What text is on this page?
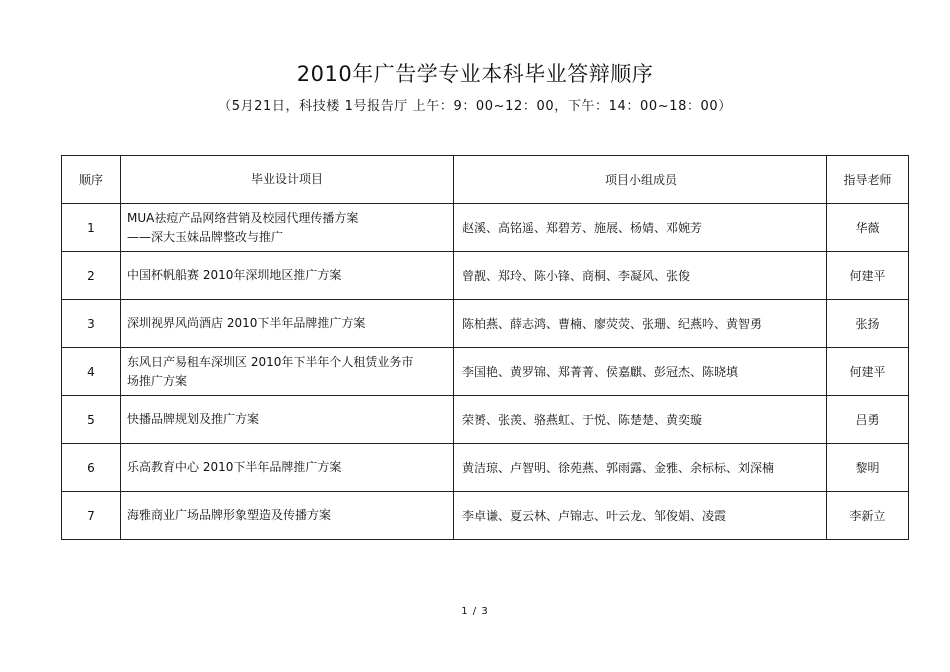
2010年广告学专业本科毕业答辩顺序
（5月21日，科技楼 1号报告厅 上午：9：00~12：00，下午：14：00~18：00）
顺序	毕业设计项目	项目小组成员	指导老师
1	MUA祛痘产品网络营销及校园代理传播方案
——深大玉妹品牌整改与推广	赵溪、高铭遥、郑碧芳、施展、杨婧、邓婉芳	华薇
2	中国杯帆船赛 2010年深圳地区推广方案	曾靓、郑玲、陈小锋、商桐、李凝风、张俊	何建平
3	深圳视界风尚酒店 2010下半年品牌推广方案	陈柏燕、薛志鸿、曹楠、廖荧荧、张珊、纪燕吟、黄智勇	张扬
4	东风日产易租车深圳区 2010年下半年个人租赁业务市
场推广方案	李国艳、黄罗锦、郑菁菁、侯嘉麒、彭冠杰、陈晓填	何建平
5	快播品牌规划及推广方案	荣赟、张羡、骆燕虹、于悦、陈楚楚、黄奕璇	吕勇
6	乐高教育中心 2010下半年品牌推广方案	黄洁琼、卢智明、徐苑燕、郭雨露、金雅、余标标、刘深楠	黎明
7	海雅商业广场品牌形象塑造及传播方案	李卓谦、夏云林、卢锦志、叶云龙、邹俊娟、凌霞	李新立
1 / 3
